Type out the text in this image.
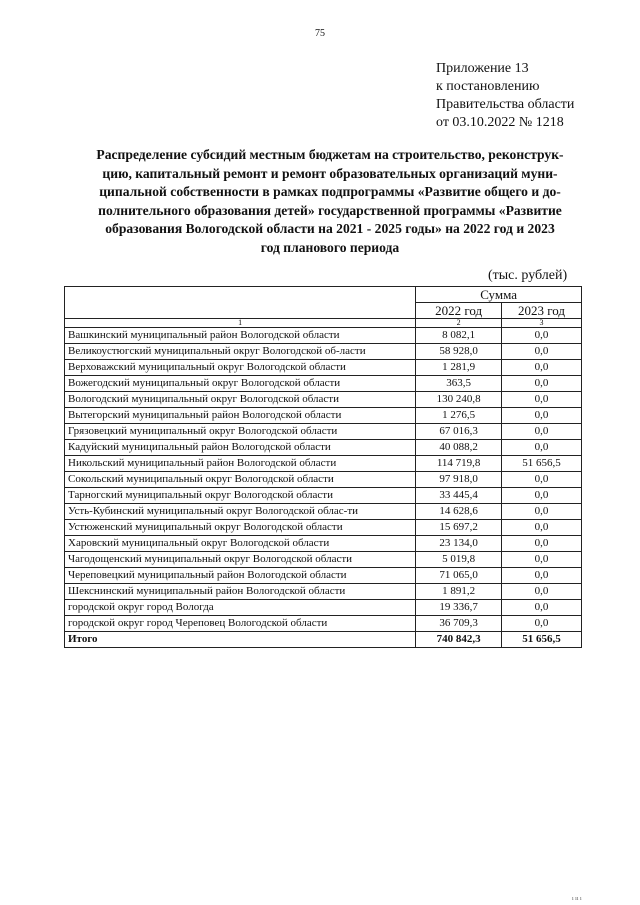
75
Приложение 13
к постановлению
Правительства области
от 03.10.2022 № 1218
Распределение субсидий местным бюджетам на строительство, реконструк-
цию, капитальный ремонт и ремонт образовательных организаций муни-
ципальной собственности в рамках подпрограммы «Развитие общего и до-
полнительного образования детей» государственной программы «Развитие
образования Вологодской области на 2021 - 2025 годы» на 2022 год и 2023
год планового периода
(тыс. рублей)
	Сумма	
	2022 год	2023 год
1	2	3
Вашкинский муниципальный район Вологодской области	8 082,1	0,0
Великоустюгский муниципальный округ Вологодской об-ласти	58 928,0	0,0
Верховажский муниципальный округ Вологодской области	1 281,9	0,0
Вожегодский муниципальный округ Вологодской области	363,5	0,0
Вологодский муниципальный округ Вологодской области	130 240,8	0,0
Вытегорский муниципальный район Вологодской области	1 276,5	0,0
Грязовецкий муниципальный округ Вологодской области	67 016,3	0,0
Кадуйский муниципальный район Вологодской области	40 088,2	0,0
Никольский муниципальный район Вологодской области	114 719,8	51 656,5
Сокольский муниципальный округ Вологодской области	97 918,0	0,0
Тарногский муниципальный округ Вологодской области	33 445,4	0,0
Усть-Кубинский муниципальный округ Вологодской облас-ти	14 628,6	0,0
Устюженский муниципальный округ Вологодской области	15 697,2	0,0
Харовский муниципальный округ Вологодской области	23 134,0	0,0
Чагодощенский муниципальный округ Вологодской области	5 019,8	0,0
Череповецкий муниципальный район Вологодской области	71 065,0	0,0
Шекснинский муниципальный район Вологодской области	1 891,2	0,0
городской округ город Вологда	19 336,7	0,0
городской округ город Череповец Вологодской области	36 709,3	0,0
Итого	740 842,3	51 656,5
ı ıı ı
